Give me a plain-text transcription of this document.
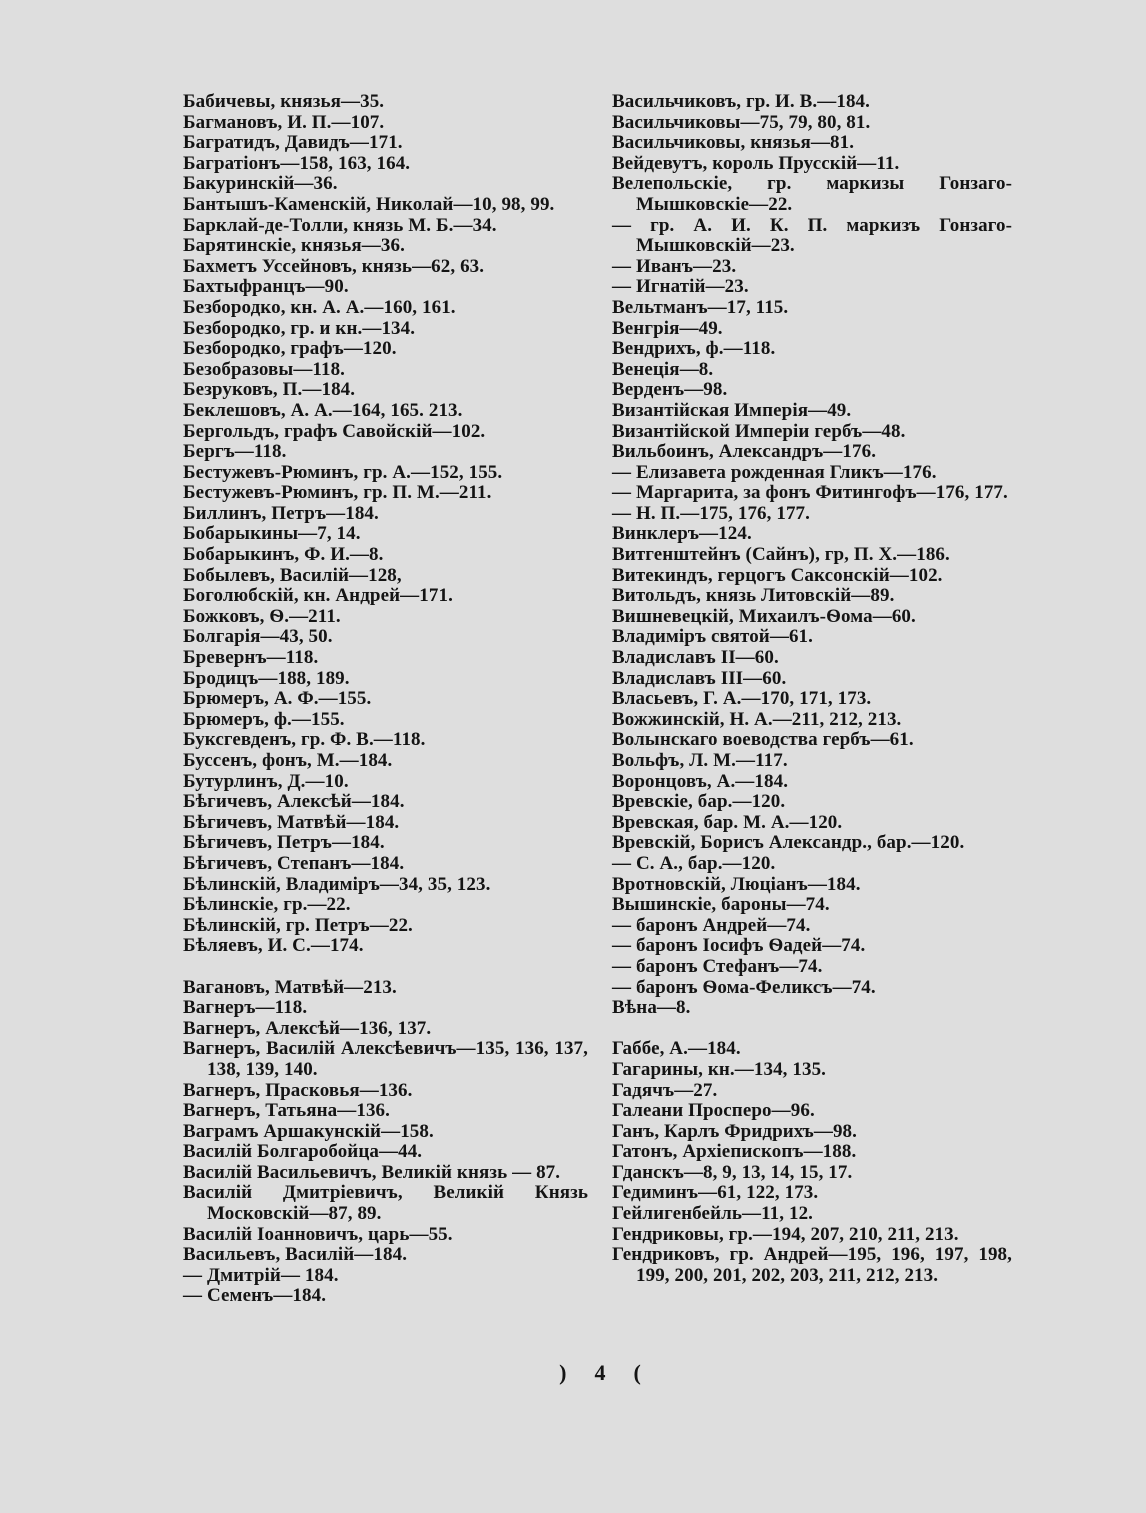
Бабичевы, князья—35.
Багмановъ, И. П.—107.
Багратидъ, Давидъ—171.
Багратіонъ—158, 163, 164.
Бакуринскій—36.
Бантышъ-Каменскій, Николай—10, 98, 99.
Барклай-де-Толли, князь М. Б.—34.
Барятинскіе, князья—36.
Бахметъ Уссейновъ, князь—62, 63.
Бахтыфранцъ—90.
Безбородко, кн. А. А.—160, 161.
Безбородко, гр. и кн.—134.
Безбородко, графъ—120.
Безобразовы—118.
Безруковъ, П.—184.
Беклешовъ, А. А.—164, 165. 213.
Бергольдъ, графъ Савойскій—102.
Бергъ—118.
Бестужевъ-Рюминъ, гр. А.—152, 155.
Бестужевъ-Рюминъ, гр. П. М.—211.
Биллинъ, Петръ—184.
Бобарыкины—7, 14.
Бобарыкинъ, Ф. И.—8.
Бобылевъ, Василій—128,
Боголюбскій, кн. Андрей—171.
Божковъ, Ѳ.—211.
Болгарія—43, 50.
Бревернъ—118.
Бродицъ—188, 189.
Брюмеръ, А. Ф.—155.
Брюмеръ, ф.—155.
Буксгевденъ, гр. Ф. В.—118.
Буссенъ, фонъ, М.—184.
Бутурлинъ, Д.—10.
Бѣгичевъ, Алексѣй—184.
Бѣгичевъ, Матвѣй—184.
Бѣгичевъ, Петръ—184.
Бѣгичевъ, Степанъ—184.
Бѣлинскій, Владиміръ—34, 35, 123.
Бѣлинскіе, гр.—22.
Бѣлинскій, гр. Петръ—22.
Бѣляевъ, И. С.—174.
Вагановъ, Матвѣй—213.
Вагнеръ—118.
Вагнеръ, Алексѣй—136, 137.
Вагнеръ, Василій Алексѣевичъ—135, 136, 137, 138, 139, 140.
Вагнеръ, Прасковья—136.
Вагнеръ, Татьяна—136.
Ваграмъ Аршакунскій—158.
Василій Болгаробойца—44.
Василій Васильевичъ, Великій князь — 87.
Василій Дмитріевичъ, Великій Князь Московскій—87, 89.
Василій Іоанновичъ, царь—55.
Васильевъ, Василій—184.
— Дмитрій— 184.
— Семенъ—184.
Васильчиковъ, гр. И. В.—184.
Васильчиковы—75, 79, 80, 81.
Васильчиковы, князья—81.
Вейдевутъ, король Прусскій—11.
Велепольскіе, гр. маркизы Гонзаго-Мышковскіе—22.
— гр. А. И. К. П. маркизъ Гонзаго-Мышковскій—23.
— Иванъ—23.
— Игнатій—23.
Вельтманъ—17, 115.
Венгрія—49.
Вендрихъ, ф.—118.
Венеція—8.
Верденъ—98.
Византійская Имперія—49.
Византійской Имперіи гербъ—48.
Вильбоинъ, Александръ—176.
— Елизавета рожденная Гликъ—176.
— Маргарита, за фонъ Фитингофъ—176, 177.
— Н. П.—175, 176, 177.
Винклеръ—124.
Витгенштейнъ (Сайнъ), гр, П. Х.—186.
Витекиндъ, герцогъ Саксонскій—102.
Витольдъ, князь Литовскій—89.
Вишневецкій, Михаилъ-Ѳома—60.
Владиміръ святой—61.
Владиславъ II—60.
Владиславъ III—60.
Власьевъ, Г. А.—170, 171, 173.
Вожжинскій, Н. А.—211, 212, 213.
Волынскаго воеводства гербъ—61.
Вольфъ, Л. М.—117.
Воронцовъ, А.—184.
Вревскіе, бар.—120.
Вревская, бар. М. А.—120.
Вревскій, Борисъ Александр., бар.—120.
— С. А., бар.—120.
Вротновскій, Люціанъ—184.
Вышинскіе, бароны—74.
— баронъ Андрей—74.
— баронъ Іосифъ Ѳадей—74.
— баронъ Стефанъ—74.
— баронъ Ѳома-Феликсъ—74.
Вѣна—8.
Габбе, А.—184.
Гагарины, кн.—134, 135.
Гадячъ—27.
Галеани Просперо—96.
Ганъ, Карлъ Фридрихъ—98.
Гатонъ, Архіепископъ—188.
Гданскъ—8, 9, 13, 14, 15, 17.
Гедиминъ—61, 122, 173.
Гейлигенбейль—11, 12.
Гендриковы, гр.—194, 207, 210, 211, 213.
Гендриковъ, гр. Андрей—195, 196, 197, 198, 199, 200, 201, 202, 203, 211, 212, 213.
) 4 (
